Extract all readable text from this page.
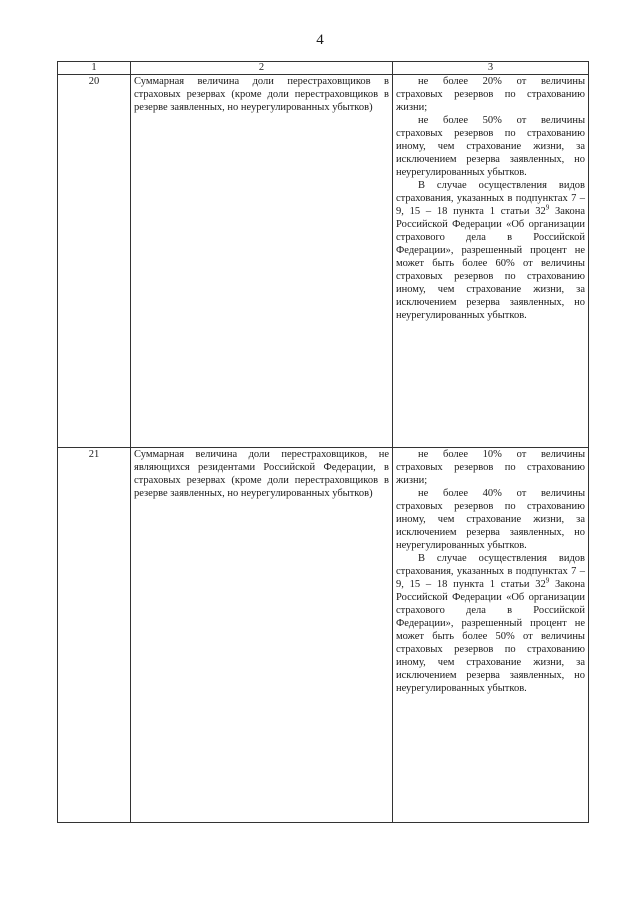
4
1	2	3
20	Суммарная величина доли перестраховщиков в страховых резервах (кроме доли перестраховщиков в резерве заявленных, но неурегулированных убытков)	не более 20% от величины страховых резервов по страхованию жизни;

не более 50% от величины страховых резервов по страхованию иному, чем страхование жизни, за исключением резерва заявленных, но неурегулированных убытков.

В случае осуществления видов страхования, указанных в подпунктах 7 – 9, 15 – 18 пункта 1 статьи $32^9$ Закона Российской Федерации «Об организации страхового дела в Российской Федерации», разрешенный процент не может быть более 60% от величины страховых резервов по страхованию иному, чем страхование жизни, за исключением резерва заявленных, но неурегулированных убытков.

21	Суммарная величина доли перестраховщиков, не являющихся резидентами Российской Федерации, в страховых резервах (кроме доли перестраховщиков в резерве заявленных, но неурегулированных убытков)	не более 10% от величины страховых резервов по страхованию жизни;

не более 40% от величины страховых резервов по страхованию иному, чем страхование жизни, за исключением резерва заявленных, но неурегулированных убытков.

В случае осуществления видов страхования, указанных в подпунктах 7 – 9, 15 – 18 пункта 1 статьи $32^9$ Закона Российской Федерации «Об организации страхового дела в Российской Федерации», разрешенный процент не может быть более 50% от величины страховых резервов по страхованию иному, чем страхование жизни, за исключением резерва заявленных, но неурегулированных убытков.
